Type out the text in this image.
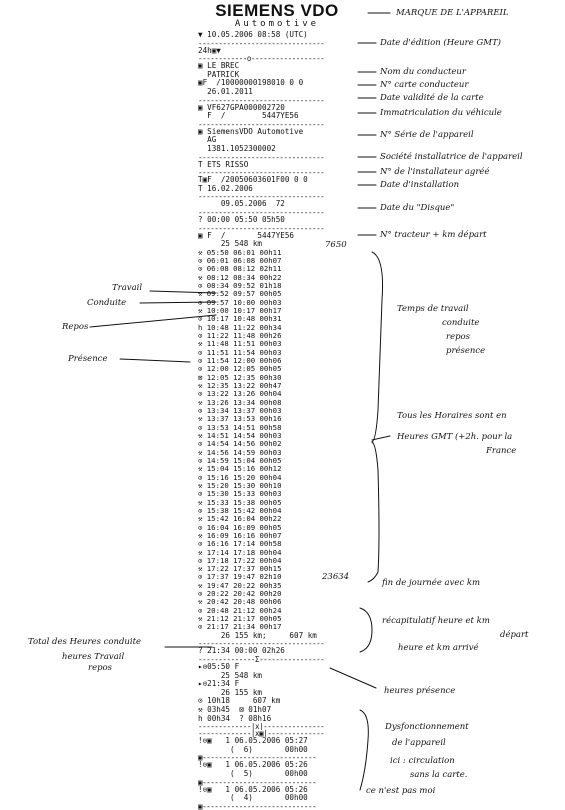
SIEMENS VDO
Automotive
▼ 10.05.2006 08:58 (UTC)
-------------------------------
24h▣▼
------------o------------------
▣ LE BREC
PATRICK
▣F  /10000000198010 0 0
26.01.2011
-------------------------------
▣ VF627GPA000002720
F  /        5447YE56
-------------------------------
▣ SiemensVDO Automotive
AG
1381.1052300002
-------------------------------
T ETS RISSO
-------------------------------
T▣F  /20050603601F00 0 0
T 16.02.2006
-------------------------------
09.05.2006  72
-------------------------------
? 00:00 05:50 05h50
-------------------------------
▣ F  /       5447YE56
25 548 km
⚒ 05:50 06:01 00h11
⊙ 06:01 06:08 00h07
⊙ 06:08 08:12 02h11
⚒ 08:12 08:34 00h22
⊙ 08:34 09:52 01h18
⚒ 09:52 09:57 00h05
⊙ 09:57 10:00 00h03
⚒ 10:00 10:17 00h17
⊙ 10:17 10:48 00h31
h 10:48 11:22 00h34
⊙ 11:22 11:48 00h26
⚒ 11:48 11:51 00h03
⊙ 11:51 11:54 00h03
⊙ 11:54 12:00 00h06
⊙ 12:00 12:05 00h05
⊠ 12:05 12:35 00h30
⚒ 12:35 13:22 00h47
⊙ 13:22 13:26 00h04
⚒ 13:26 13:34 00h08
⊙ 13:34 13:37 00h03
⚒ 13:37 13:53 00h16
⊙ 13:53 14:51 00h58
⚒ 14:51 14:54 00h03
⊙ 14:54 14:56 00h02
⚒ 14:56 14:59 00h03
⊙ 14:59 15:04 00h05
⚒ 15:04 15:16 00h12
⊙ 15:16 15:20 00h04
⚒ 15:20 15:30 00h10
⊙ 15:30 15:33 00h03
⚒ 15:33 15:38 00h05
⊙ 15:38 15:42 00h04
⚒ 15:42 16:04 00h22
⊙ 16:04 16:09 00h05
⚒ 16:09 16:16 00h07
⊙ 16:16 17:14 00h58
⚒ 17:14 17:18 00h04
⊙ 17:18 17:22 00h04
⚒ 17:22 17:37 00h15
⊙ 17:37 19:47 02h10
⚒ 19:47 20:22 00h35
⊙ 20:22 20:42 00h20
⚒ 20:42 20:48 00h06
⊙ 20:48 21:12 00h24
⚒ 21:12 21:17 00h05
⊙ 21:17 21:34 00h17
26 155 km;     607 km
-------------------------------
? 21:34 00:00 02h26
--------------Σ----------------
▸⊙05:50 F
25 548 km
▸⊙21:34 F
26 155 km
⊙ 10h18     607 km
⚒ 03h45  ⊠ 01h07
h 00h34  ? 08h16
-------------|x|---------------
-------------|x▣|--------------
!⊙▣   1 06.05.2006 05:27
(  6)       00h00
▣----------------------------
!⊙▣   1 06.05.2006 05:26
(  5)       00h00
▣----------------------------
!⊙▣   1 06.05.2006 05:26
(  4)       00h00
▣----------------------------
7650
23634
MARQUE DE L'APPAREIL
Date d'édition (Heure GMT)
Nom du conducteur
N° carte conducteur
Date validité de la carte
Immatriculation du véhicule
N° Série de l'appareil
Société installatrice de l'appareil
N° de l'installateur agréé
Date d'installation
Date du "Disque"
N° tracteur + km départ
Temps de travail
conduite
repos
présence
Tous les Horaires sont en
Heures GMT (+2h. pour la
France
fin de journée avec km
récapitulatif heure et km
départ
heure et km arrivé
heures présence
Dysfonctionnement
de l'appareil
ici : circulation
sans la carte.
ce n'est pas moi
Travail
Conduite
Repos
Présence
Total des Heures conduite
heures Travail
repos
